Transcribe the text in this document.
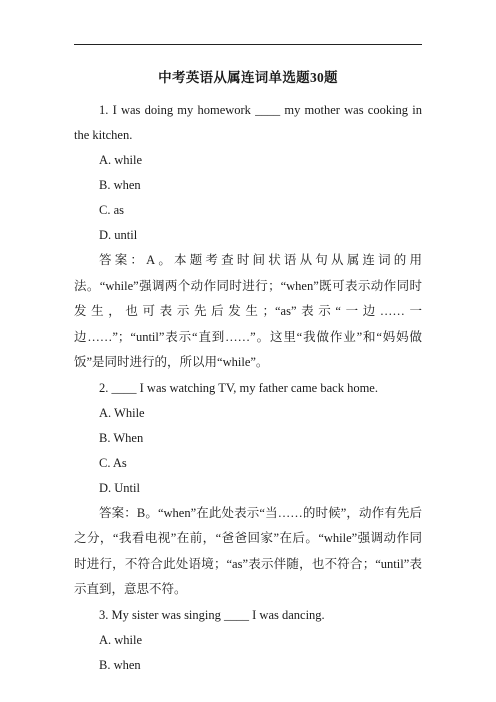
中考英语从属连词单选题30题

1. I was doing my homework ____ my mother was cooking in the kitchen.

A. while

B. when

C. as

D. until

答案：A。本题考查时间状语从句从属连词的用法。“while”强调两个动作同时进行；“when”既可表示动作同时发生，也可表示先后发生；“as”表示“一边……一边……”；“until”表示“直到……”。这里“我做作业”和“妈妈做饭”是同时进行的，所以用“while”。

2. ____ I was watching TV, my father came back home.

A. While

B. When

C. As

D. Until

答案：B。“when”在此处表示“当……的时候”，动作有先后之分，“我看电视”在前，“爸爸回家”在后。“while”强调动作同时进行，不符合此处语境；“as”表示伴随，也不符合；“until”表示直到，意思不符。

3. My sister was singing ____ I was dancing.

A. while

B. when
